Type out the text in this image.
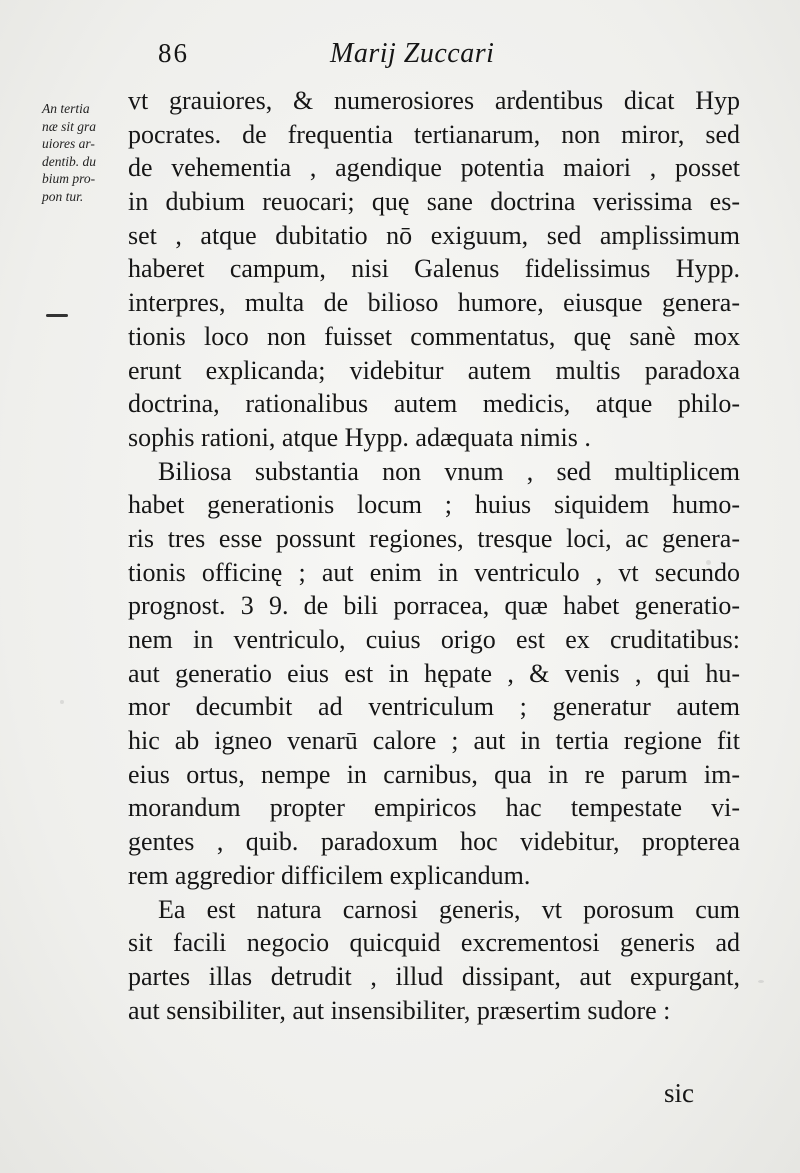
86	Marij Zuccari
An tertia
næ sit gra
uiores ar-
dentib. du
bium pro-
pon tur.
vt grauiores, & numerosiores ardentibus dicat Hyp
pocrates. de frequentia tertianarum, non miror, sed
de vehementia , agendique potentia maiori , posset
in dubium reuocari; quę sane doctrina verissima es-
set , atque dubitatio nō exiguum, sed amplissimum
haberet campum, nisi Galenus fidelissimus Hypp.
interpres, multa de bilioso humore, eiusque genera-
tionis loco non fuisset commentatus, quę sanè mox
erunt explicanda; videbitur autem multis paradoxa
doctrina, rationalibus autem medicis, atque philo-
sophis rationi, atque Hypp. adæquata nimis .
Biliosa substantia non vnum , sed multiplicem
habet generationis locum ; huius siquidem humo-
ris tres esse possunt regiones, tresque loci, ac genera-
tionis officinę ; aut enim in ventriculo , vt secundo
prognost. 3 9. de bili porracea, quæ habet generatio-
nem in ventriculo, cuius origo est ex cruditatibus:
aut generatio eius est in hępate , & venis , qui hu-
mor decumbit ad ventriculum ; generatur autem
hic ab igneo venarū calore ; aut in tertia regione fit
eius ortus, nempe in carnibus, qua in re parum im-
morandum propter empiricos hac tempestate vi-
gentes , quib. paradoxum hoc videbitur, propterea
rem aggredior difficilem explicandum.
Ea est natura carnosi generis, vt porosum cum
sit facili negocio quicquid excrementosi generis ad
partes illas detrudit , illud dissipant, aut expurgant,
aut sensibiliter, aut insensibiliter, præsertim sudore :
sic
